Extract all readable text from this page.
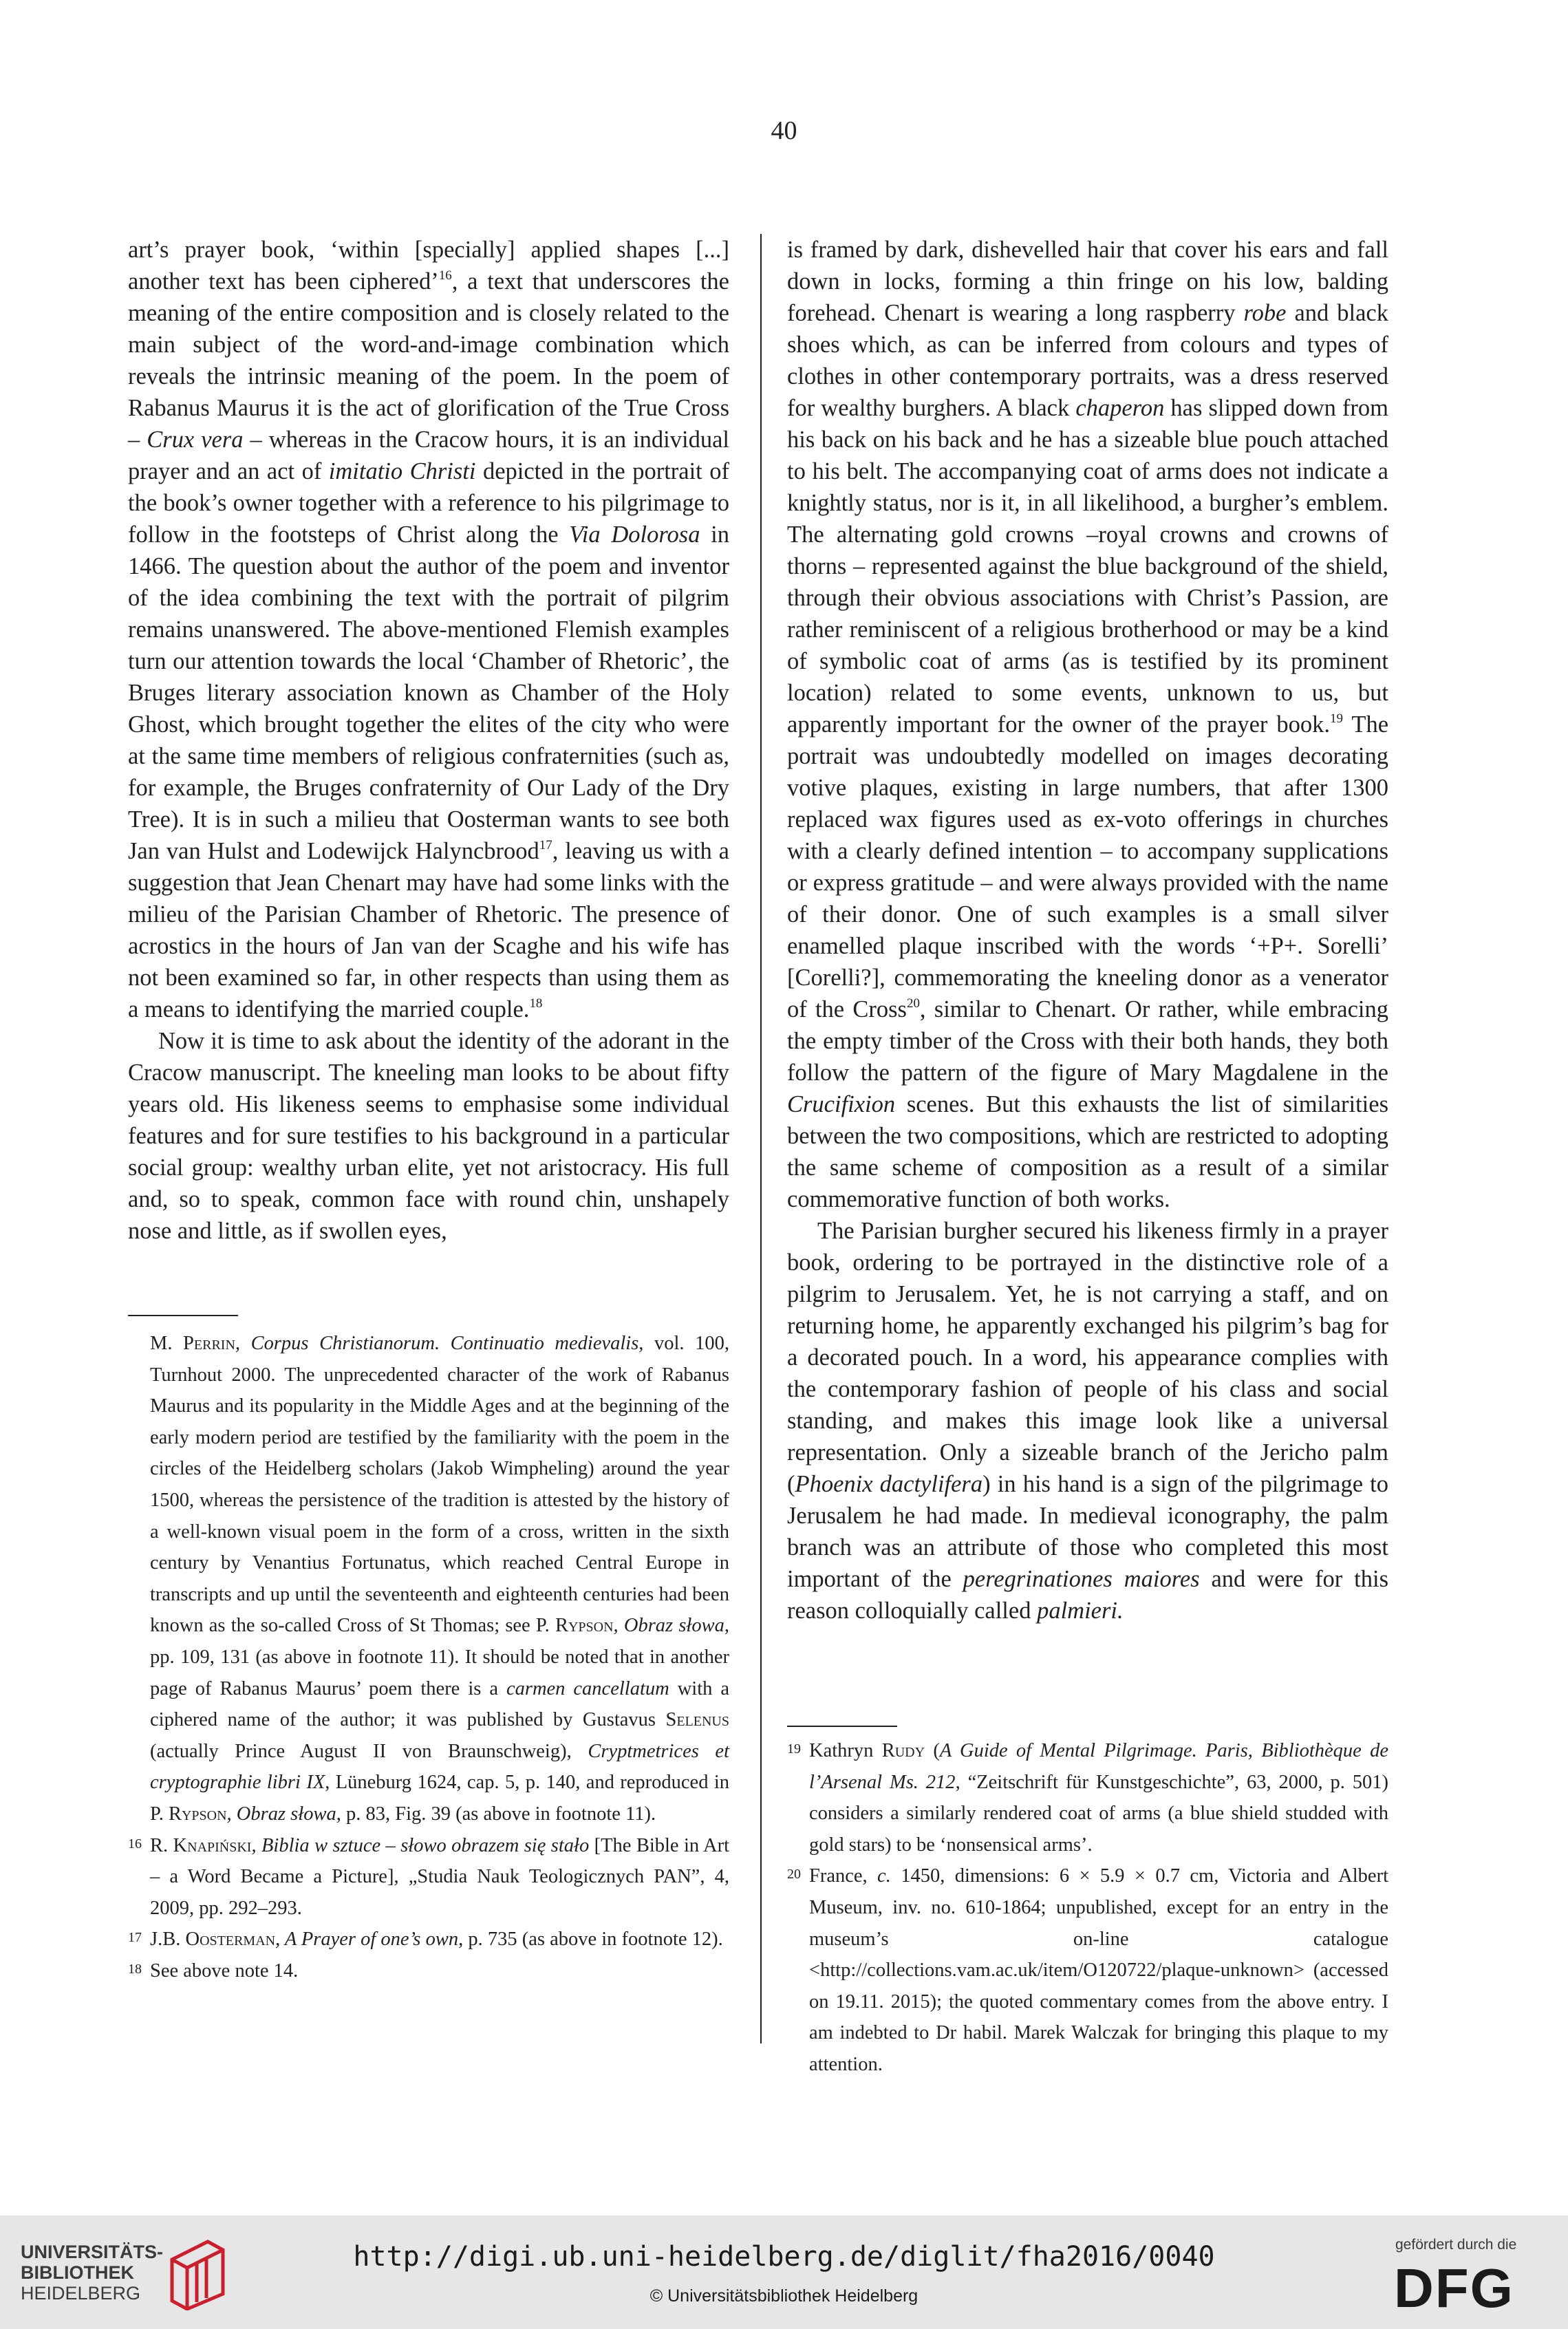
40

art’s prayer book, ‘within [specially] applied shapes [...] another text has been ciphered’$^{16}$, a text that underscores the meaning of the entire composition and is closely related to the main subject of the word-and-image combination which reveals the intrinsic meaning of the poem. In the poem of Rabanus Maurus it is the act of glorification of the True Cross – Crux vera – whereas in the Cracow hours, it is an individual prayer and an act of imitatio Christi depicted in the portrait of the book’s owner together with a reference to his pilgrimage to follow in the footsteps of Christ along the Via Dolorosa in 1466. The question about the author of the poem and inventor of the idea combining the text with the portrait of pilgrim remains unanswered. The above-mentioned Flemish examples turn our attention towards the local ‘Chamber of Rhetoric’, the Bruges literary association known as Chamber of the Holy Ghost, which brought together the elites of the city who were at the same time members of religious confraternities (such as, for example, the Bruges confraternity of Our Lady of the Dry Tree). It is in such a milieu that Oosterman wants to see both Jan van Hulst and Lodewijck Halyncbrood$^{17}$, leaving us with a suggestion that Jean Chenart may have had some links with the milieu of the Parisian Chamber of Rhetoric. The presence of acrostics in the hours of Jan van der Scaghe and his wife has not been examined so far, in other respects than using them as a means to identifying the married couple.$^{18}$

Now it is time to ask about the identity of the adorant in the Cracow manuscript. The kneeling man looks to be about fifty years old. His likeness seems to emphasise some individual features and for sure testifies to his background in a particular social group: wealthy urban elite, yet not aristocracy. His full and, so to speak, common face with round chin, unshapely nose and little, as if swollen eyes,

is framed by dark, dishevelled hair that cover his ears and fall down in locks, forming a thin fringe on his low, balding forehead. Chenart is wearing a long raspberry robe and black shoes which, as can be inferred from colours and types of clothes in other contemporary portraits, was a dress reserved for wealthy burghers. A black chaperon has slipped down from his back on his back and he has a sizeable blue pouch attached to his belt. The accompanying coat of arms does not indicate a knightly status, nor is it, in all likelihood, a burgher’s emblem. The alternating gold crowns –royal crowns and crowns of thorns – represented against the blue background of the shield, through their obvious associations with Christ’s Passion, are rather reminiscent of a religious brotherhood or may be a kind of symbolic coat of arms (as is testified by its prominent location) related to some events, unknown to us, but apparently important for the owner of the prayer book.$^{19}$ The portrait was undoubtedly modelled on images decorating votive plaques, existing in large numbers, that after 1300 replaced wax figures used as ex-voto offerings in churches with a clearly defined intention – to accompany supplications or express gratitude – and were always provided with the name of their donor. One of such examples is a small silver enamelled plaque inscribed with the words ‘+P+. Sorelli’ [Corelli?], commemorating the kneeling donor as a venerator of the Cross$^{20}$, similar to Chenart. Or rather, while embracing the empty timber of the Cross with their both hands, they both follow the pattern of the figure of Mary Magdalene in the Crucifixion scenes. But this exhausts the list of similarities between the two compositions, which are restricted to adopting the same scheme of composition as a result of a similar commemorative function of both works.

The Parisian burgher secured his likeness firmly in a prayer book, ordering to be portrayed in the distinctive role of a pilgrim to Jerusalem. Yet, he is not carrying a staff, and on returning home, he apparently exchanged his pilgrim’s bag for a decorated pouch. In a word, his appearance complies with the contemporary fashion of people of his class and social standing, and makes this image look like a universal representation. Only a sizeable branch of the Jericho palm (Phoenix dactylifera) in his hand is a sign of the pilgrimage to Jerusalem he had made. In medieval iconography, the palm branch was an attribute of those who completed this most important of the peregrinationes maiores and were for this reason colloquially called palmieri.

M. Perrin, Corpus Christianorum. Continuatio medievalis, vol. 100, Turnhout 2000. The unprecedented character of the work of Rabanus Maurus and its popularity in the Middle Ages and at the beginning of the early modern period are testified by the familiarity with the poem in the circles of the Heidelberg scholars (Jakob Wimpheling) around the year 1500, whereas the persistence of the tradition is attested by the history of a well-known visual poem in the form of a cross, written in the sixth century by Venantius Fortunatus, which reached Central Europe in transcripts and up until the seventeenth and eighteenth centuries had been known as the so-called Cross of St Thomas; see P. Rypson, Obraz słowa, pp. 109, 131 (as above in footnote 11). It should be noted that in another page of Rabanus Maurus’ poem there is a carmen cancellatum with a ciphered name of the author; it was published by Gustavus Selenus (actually Prince August II von Braunschweig), Cryptmetrices et cryptographie libri IX, Lüneburg 1624, cap. 5, p. 140, and reproduced in P. Rypson, Obraz słowa, p. 83, Fig. 39 (as above in footnote 11).

16 R. Knapiński, Biblia w sztuce – słowo obrazem się stało [The Bible in Art – a Word Became a Picture], „Studia Nauk Teologicznych PAN”, 4, 2009, pp. 292–293.

17 J.B. Oosterman, A Prayer of one’s own, p. 735 (as above in footnote 12).

18 See above note 14.

19 Kathryn Rudy (A Guide of Mental Pilgrimage. Paris, Bibliothèque de l’Arsenal Ms. 212, “Zeitschrift für Kunstgeschichte”, 63, 2000, p. 501) considers a similarly rendered coat of arms (a blue shield studded with gold stars) to be ‘nonsensical arms’.

20 France, c. 1450, dimensions: 6 × 5.9 × 0.7 cm, Victoria and Albert Museum, inv. no. 610-1864; unpublished, except for an entry in the museum’s on-line catalogue <http://collections.vam.ac.uk/item/O120722/plaque-unknown> (accessed on 19.11. 2015); the quoted commentary comes from the above entry. I am indebted to Dr habil. Marek Walczak for bringing this plaque to my attention.

UNIVERSITÄTS-
BIBLIOTHEK
HEIDELBERG
http://digi.ub.uni-heidelberg.de/diglit/fha2016/0040
© Universitätsbibliothek Heidelberg
gefördert durch die
DFG
